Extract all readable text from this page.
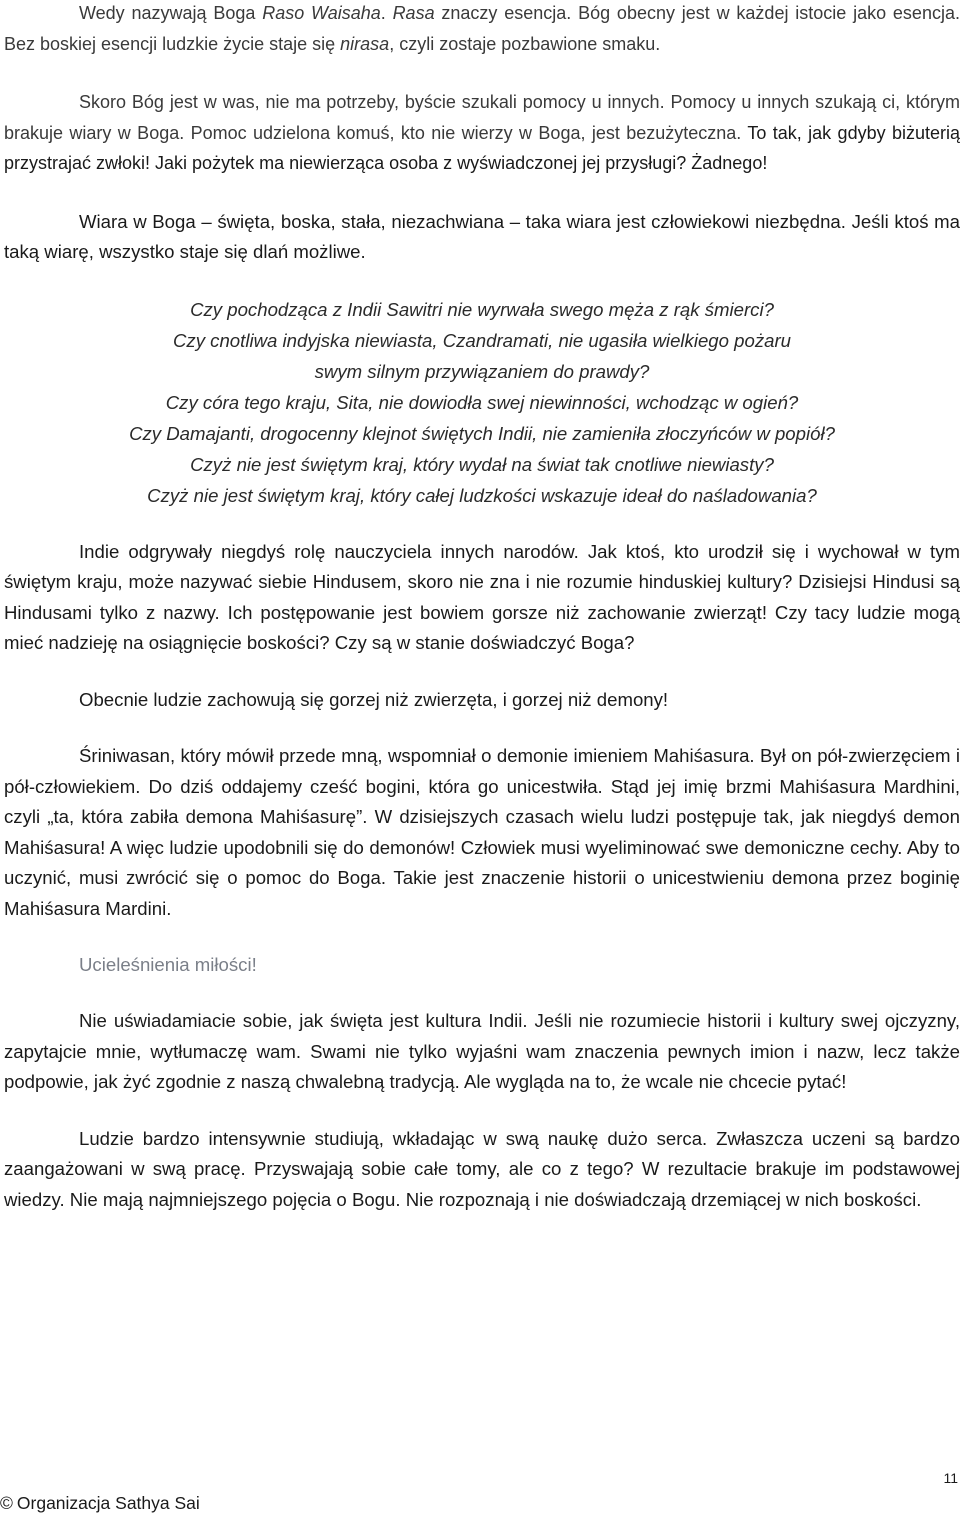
Wedy nazywają Boga Raso Waisaha. Rasa znaczy esencja. Bóg obecny jest w każdej istocie jako esencja. Bez boskiej esencji ludzkie życie staje się nirasa, czyli zostaje pozbawione smaku.

Skoro Bóg jest w was, nie ma potrzeby, byście szukali pomocy u innych. Pomocy u innych szukają ci, którym brakuje wiary w Boga. Pomoc udzielona komuś, kto nie wierzy w Boga, jest bezużyteczna. To tak, jak gdyby biżuterią przystrajać zwłoki! Jaki pożytek ma niewierząca osoba z wyświadczonej jej przysługi? Żadnego!

Wiara w Boga – święta, boska, stała, niezachwiana – taka wiara jest człowiekowi niezbędna. Jeśli ktoś ma taką wiarę, wszystko staje się dlań możliwe.

Czy pochodząca z Indii Sawitri nie wyrwała swego męża z rąk śmierci?
Czy cnotliwa indyjska niewiasta, Czandramati, nie ugasiła wielkiego pożaru
swym silnym przywiązaniem do prawdy?
Czy córa tego kraju, Sita, nie dowiodła swej niewinności, wchodząc w ogień?
Czy Damajanti, drogocenny klejnot świętych Indii, nie zamieniła złoczyńców w popiół?
Czyż nie jest świętym kraj, który wydał na świat tak cnotliwe niewiasty?
Czyż nie jest świętym kraj, który całej ludzkości wskazuje ideał do naśladowania?

Indie odgrywały niegdyś rolę nauczyciela innych narodów. Jak ktoś, kto urodził się i wychował w tym świętym kraju, może nazywać siebie Hindusem, skoro nie zna i nie rozumie hinduskiej kultury? Dzisiejsi Hindusi są Hindusami tylko z nazwy. Ich postępowanie jest bowiem gorsze niż zachowanie zwierząt! Czy tacy ludzie mogą mieć nadzieję na osiągnięcie boskości? Czy są w stanie doświadczyć Boga?

Obecnie ludzie zachowują się gorzej niż zwierzęta, i gorzej niż demony!

Śriniwasan, który mówił przede mną, wspomniał o demonie imieniem Mahiśasura. Był on pół-zwierzęciem i pół-człowiekiem. Do dziś oddajemy cześć bogini, która go unicestwiła. Stąd jej imię brzmi Mahiśasura Mardhini, czyli „ta, która zabiła demona Mahiśasurę”. W dzisiejszych czasach wielu ludzi postępuje tak, jak niegdyś demon Mahiśasura! A więc ludzie upodobnili się do demonów! Człowiek musi wyeliminować swe demoniczne cechy. Aby to uczynić, musi zwrócić się o pomoc do Boga. Takie jest znaczenie historii o unicestwieniu demona przez boginię Mahiśasura Mardini.

Ucieleśnienia miłości!

Nie uświadamiacie sobie, jak święta jest kultura Indii. Jeśli nie rozumiecie historii i kultury swej ojczyzny, zapytajcie mnie, wytłumaczę wam. Swami nie tylko wyjaśni wam znaczenia pewnych imion i nazw, lecz także podpowie, jak żyć zgodnie z naszą chwalebną tradycją. Ale wygląda na to, że wcale nie chcecie pytać!

Ludzie bardzo intensywnie studiują, wkładając w swą naukę dużo serca. Zwłaszcza uczeni są bardzo zaangażowani w swą pracę. Przyswajają sobie całe tomy, ale co z tego? W rezultacie brakuje im podstawowej wiedzy. Nie mają najmniejszego pojęcia o Bogu. Nie rozpoznają i nie doświadczają drzemiącej w nich boskości.

© Organizacja Sathya Sai
11
